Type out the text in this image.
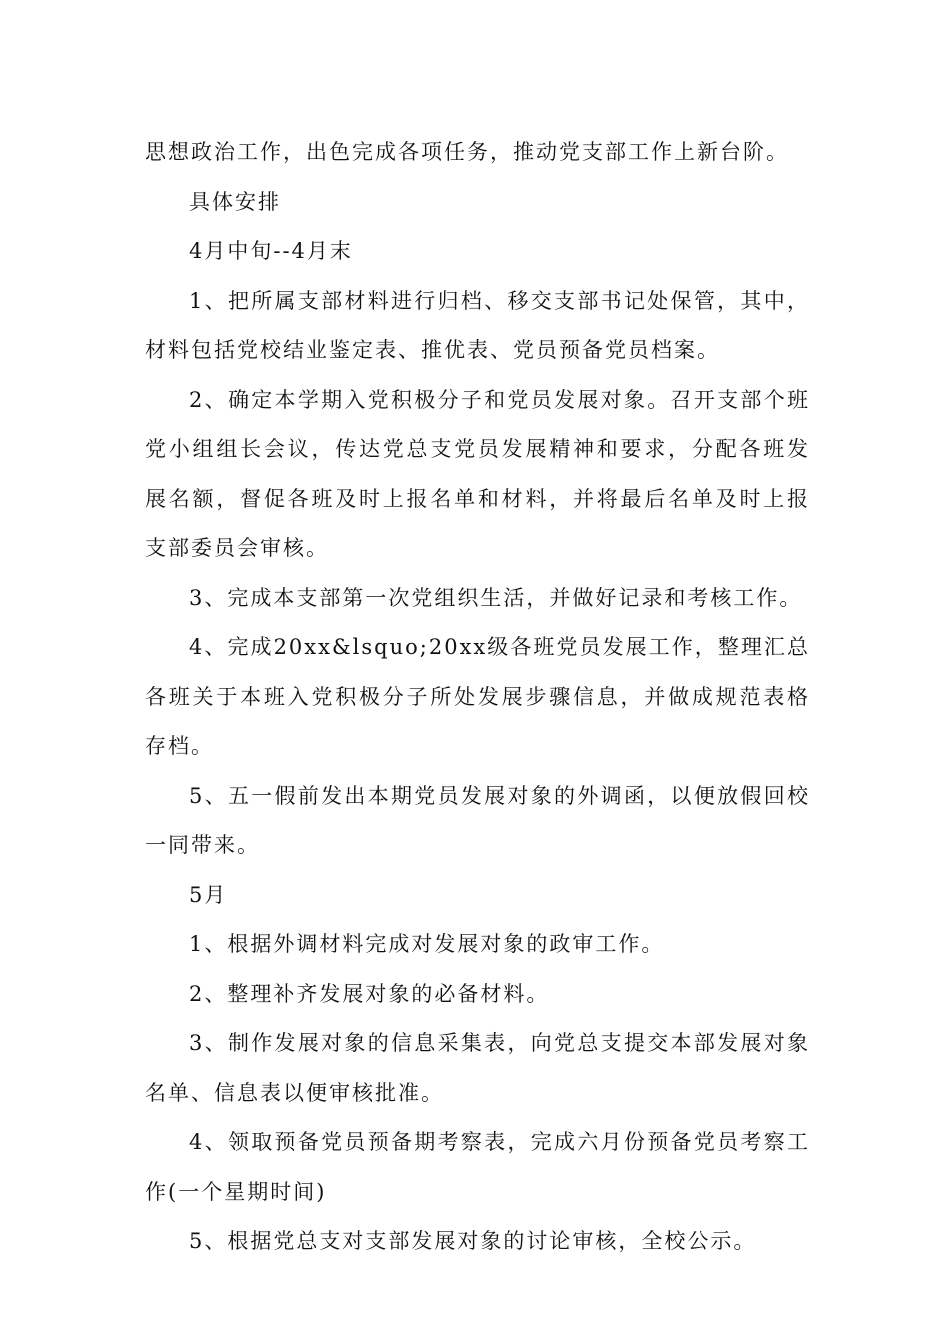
思想政治工作，出色完成各项任务，推动党支部工作上新台阶。

具体安排

4月中旬--4月末

1、把所属支部材料进行归档、移交支部书记处保管，其中，材料包括党校结业鉴定表、推优表、党员预备党员档案。

2、确定本学期入党积极分子和党员发展对象。召开支部个班党小组组长会议，传达党总支党员发展精神和要求，分配各班发展名额，督促各班及时上报名单和材料，并将最后名单及时上报支部委员会审核。

3、完成本支部第一次党组织生活，并做好记录和考核工作。

4、完成20xx&lsquo;20xx级各班党员发展工作，整理汇总各班关于本班入党积极分子所处发展步骤信息，并做成规范表格存档。

5、五一假前发出本期党员发展对象的外调函，以便放假回校一同带来。

5月

1、根据外调材料完成对发展对象的政审工作。

2、整理补齐发展对象的必备材料。

3、制作发展对象的信息采集表，向党总支提交本部发展对象名单、信息表以便审核批准。

4、领取预备党员预备期考察表，完成六月份预备党员考察工作(一个星期时间)

5、根据党总支对支部发展对象的讨论审核，全校公示。
